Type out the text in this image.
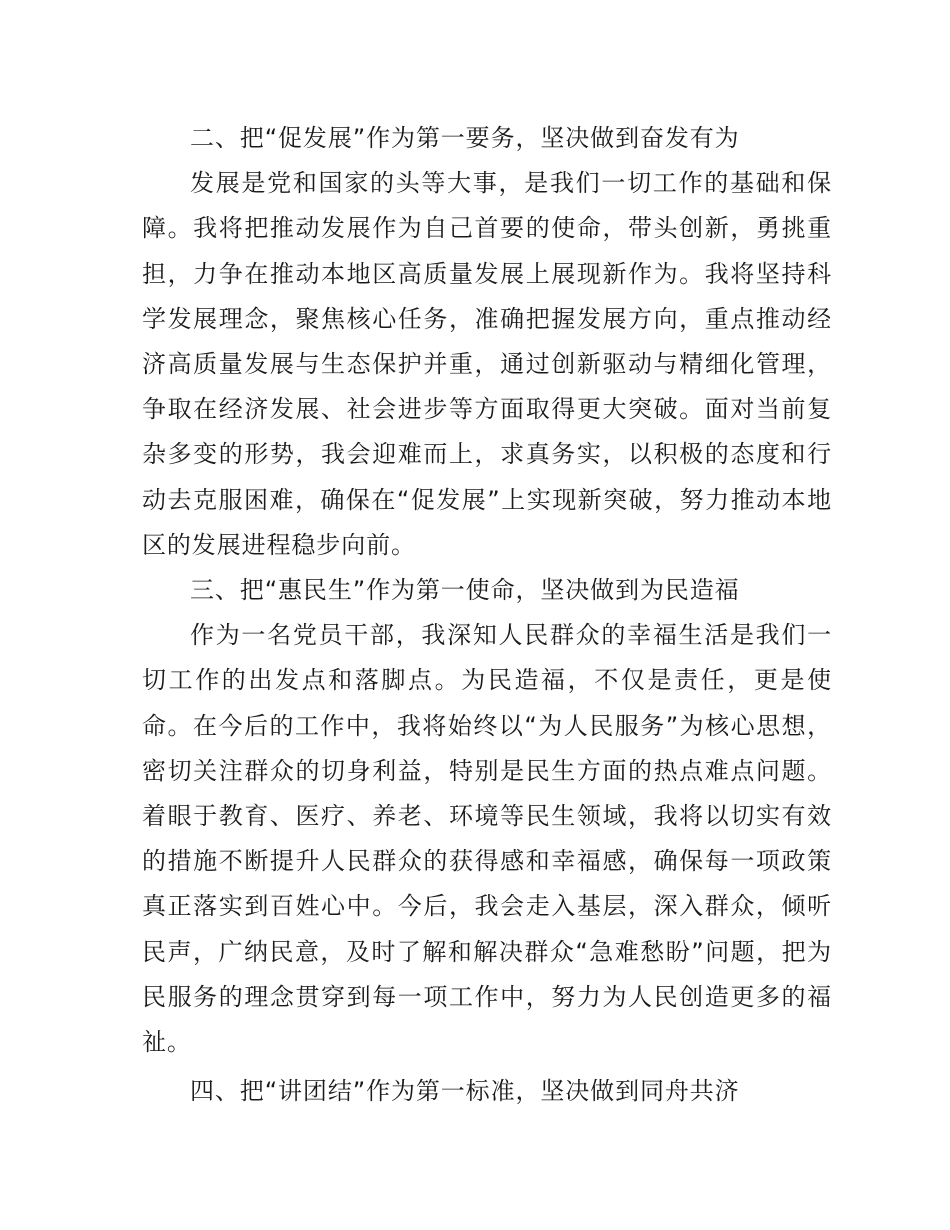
二、把“促发展”作为第一要务，坚决做到奋发有为

发展是党和国家的头等大事，是我们一切工作的基础和保障。我将把推动发展作为自己首要的使命，带头创新，勇挑重担，力争在推动本地区高质量发展上展现新作为。我将坚持科学发展理念，聚焦核心任务，准确把握发展方向，重点推动经济高质量发展与生态保护并重，通过创新驱动与精细化管理，争取在经济发展、社会进步等方面取得更大突破。面对当前复杂多变的形势，我会迎难而上，求真务实，以积极的态度和行动去克服困难，确保在“促发展”上实现新突破，努力推动本地区的发展进程稳步向前。

三、把“惠民生”作为第一使命，坚决做到为民造福

作为一名党员干部，我深知人民群众的幸福生活是我们一切工作的出发点和落脚点。为民造福，不仅是责任，更是使命。在今后的工作中，我将始终以“为人民服务”为核心思想，密切关注群众的切身利益，特别是民生方面的热点难点问题。着眼于教育、医疗、养老、环境等民生领域，我将以切实有效的措施不断提升人民群众的获得感和幸福感，确保每一项政策真正落实到百姓心中。今后，我会走入基层，深入群众，倾听民声，广纳民意，及时了解和解决群众“急难愁盼”问题，把为民服务的理念贯穿到每一项工作中，努力为人民创造更多的福祉。

四、把“讲团结”作为第一标准，坚决做到同舟共济
